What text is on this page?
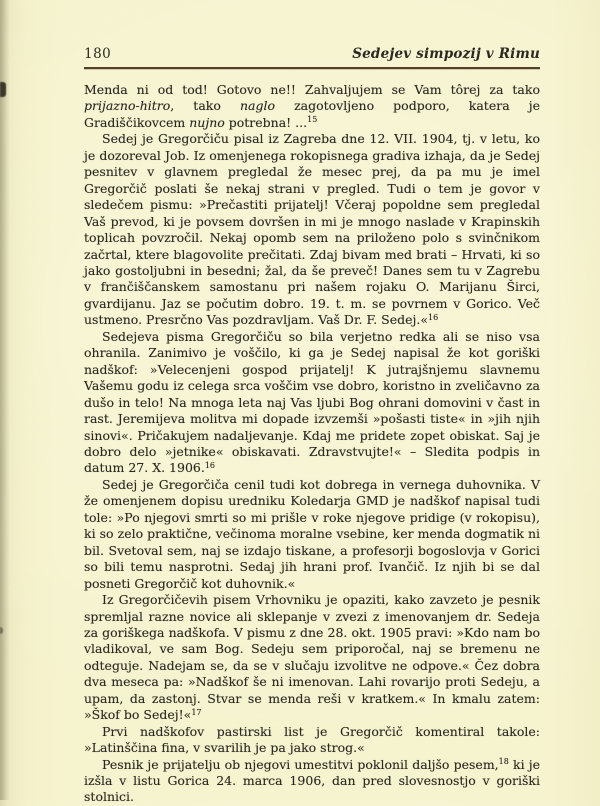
180	Sedejev simpozij v Rimu

Menda ni od tod! Gotovo ne!! Zahvaljujem se Vam tôrej za tako prijazno-hitro, tako naglo zagotovljeno podporo, katera je Gradiščikovcem nujno potrebna! ...$^{15}$

Sedej je Gregorčiču pisal iz Zagreba dne 12. VII. 1904, tj. v letu, ko je dozoreval Job. Iz omenjenega rokopisnega gradiva izhaja, da je Sedej pesnitev v glavnem pregledal že mesec prej, da pa mu je imel Gregorčič poslati še nekaj strani v pregled. Tudi o tem je govor v sledečem pismu: »Prečastiti prijatelj! Včeraj popoldne sem pregledal Vaš prevod, ki je povsem dovršen in mi je mnogo naslade v Krapinskih toplicah povzročil. Nekaj opomb sem na priloženo polo s svinčnikom začrtal, ktere blagovolite prečitati. Zdaj bivam med brati – Hrvati, ki so jako gostoljubni in besedni; žal, da še preveč! Danes sem tu v Zagrebu v frančiščanskem samostanu pri našem rojaku O. Marijanu Širci, gvardijanu. Jaz se počutim dobro. 19. t. m. se povrnem v Gorico. Več ustmeno. Presrčno Vas pozdravljam. Vaš Dr. F. Sedej.«$^{16}$

Sedejeva pisma Gregorčiču so bila verjetno redka ali se niso vsa ohranila. Zanimivo je voščilo, ki ga je Sedej napisal že kot goriški nadškof: »Velecenjeni gospod prijatelj! K jutrajšnjemu slavnemu Vašemu godu iz celega srca voščim vse dobro, koristno in zveličavno za dušo in telo! Na mnoga leta naj Vas ljubi Bog ohrani domovini v čast in rast. Jeremijeva molitva mi dopade izvzemši »pošasti tiste« in »jih njih sinovi«. Pričakujem nadaljevanje. Kdaj me pridete zopet obiskat. Saj je dobro delo »jetnike« obiskavati. Zdravstvujte!« – Sledita podpis in datum 27. X. 1906.16

Sedej je Gregorčiča cenil tudi kot dobrega in vernega duhovnika. V že omenjenem dopisu uredniku Koledarja GMD je nadškof napisal tudi tole: »Po njegovi smrti so mi prišle v roke njegove pridige (v rokopisu), ki so zelo praktične, večinoma moralne vsebine, ker menda dogmatik ni bil. Svetoval sem, naj se izdajo tiskane, a profesorji bogoslovja v Gorici so bili temu nasprotni. Sedaj jih hrani prof. Ivančič. Iz njih bi se dal posneti Gregorčič kot duhovnik.«

Iz Gregorčičevih pisem Vrhovniku je opaziti, kako zavzeto je pesnik spremljal razne novice ali sklepanje v zvezi z imenovanjem dr. Sedeja za goriškega nadškofa. V pismu z dne 28. okt. 1905 pravi: »Kdo nam bo vladikoval, ve sam Bog. Sedeju sem priporočal, naj se bremenu ne odteguje. Nadejam se, da se v slučaju izvolitve ne odpove.« Čez dobra dva meseca pa: »Nadškof še ni imenovan. Lahi rovarijo proti Sedeju, a upam, da zastonj. Stvar se menda reši v kratkem.« In kmalu zatem: »Škof bo Sedej!«$^{17}$

Prvi nadškofov pastirski list je Gregorčič komentiral takole: »Latinščina fina, v svarilih je pa jako strog.«

Pesnik je prijatelju ob njegovi umestitvi poklonil daljšo pesem,$^{18}$ ki je izšla v listu Gorica 24. marca 1906, dan pred slovesnostjo v goriški stolnici.
